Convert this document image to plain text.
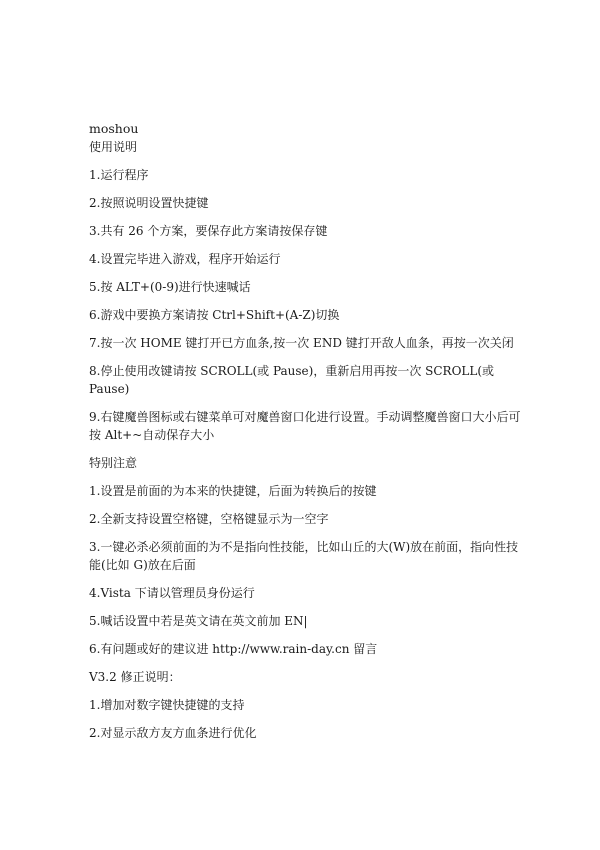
moshou

使用说明

1.运行程序

2.按照说明设置快捷键

3.共有 26 个方案，要保存此方案请按保存键

4.设置完毕进入游戏，程序开始运行

5.按 ALT+(0-9)进行快速喊话

6.游戏中要换方案请按 Ctrl+Shift+(A-Z)切换

7.按一次 HOME 键打开已方血条,按一次 END 键打开敌人血条，再按一次关闭

8.停止使用改键请按 SCROLL(或 Pause)，重新启用再按一次 SCROLL(或 Pause)

9.右键魔兽图标或右键菜单可对魔兽窗口化进行设置。手动调整魔兽窗口大小后可按 Alt+~自动保存大小

特别注意

1.设置是前面的为本来的快捷键，后面为转换后的按键

2.全新支持设置空格键，空格键显示为一空字

3.一键必杀必须前面的为不是指向性技能，比如山丘的大(W)放在前面，指向性技能(比如 G)放在后面

4.Vista 下请以管理员身份运行

5.喊话设置中若是英文请在英文前加 EN|

6.有问题或好的建议进 http://www.rain-day.cn 留言

V3.2 修正说明：

1.增加对数字键快捷键的支持

2.对显示敌方友方血条进行优化
